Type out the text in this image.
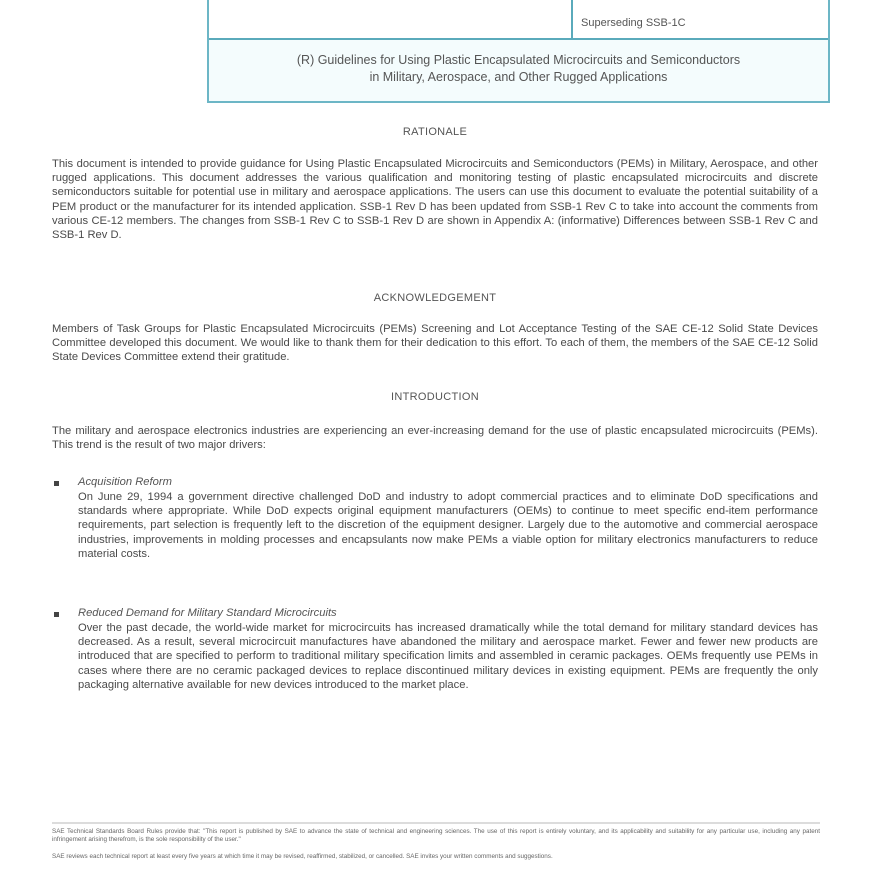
Superseding SSB-1C
(R) Guidelines for Using Plastic Encapsulated Microcircuits and Semiconductors
in Military, Aerospace, and Other Rugged Applications
RATIONALE
This document is intended to provide guidance for Using Plastic Encapsulated Microcircuits and Semiconductors (PEMs) in Military, Aerospace, and other rugged applications. This document addresses the various qualification and monitoring testing of plastic encapsulated microcircuits and discrete semiconductors suitable for potential use in military and aerospace applications. The users can use this document to evaluate the potential suitability of a PEM product or the manufacturer for its intended application. SSB-1 Rev D has been updated from SSB-1 Rev C to take into account the comments from various CE-12 members. The changes from SSB-1 Rev C to SSB-1 Rev D are shown in Appendix A: (informative) Differences between SSB-1 Rev C and SSB-1 Rev D.
ACKNOWLEDGEMENT
Members of Task Groups for Plastic Encapsulated Microcircuits (PEMs) Screening and Lot Acceptance Testing of the SAE CE-12 Solid State Devices Committee developed this document. We would like to thank them for their dedication to this effort. To each of them, the members of the SAE CE-12 Solid State Devices Committee extend their gratitude.
INTRODUCTION
The military and aerospace electronics industries are experiencing an ever-increasing demand for the use of plastic encapsulated microcircuits (PEMs). This trend is the result of two major drivers:
Acquisition Reform
On June 29, 1994 a government directive challenged DoD and industry to adopt commercial practices and to eliminate DoD specifications and standards where appropriate. While DoD expects original equipment manufacturers (OEMs) to continue to meet specific end-item performance requirements, part selection is frequently left to the discretion of the equipment designer. Largely due to the automotive and commercial aerospace industries, improvements in molding processes and encapsulants now make PEMs a viable option for military electronics manufacturers to reduce material costs.
Reduced Demand for Military Standard Microcircuits
Over the past decade, the world-wide market for microcircuits has increased dramatically while the total demand for military standard devices has decreased. As a result, several microcircuit manufactures have abandoned the military and aerospace market. Fewer and fewer new products are introduced that are specified to perform to traditional military specification limits and assembled in ceramic packages. OEMs frequently use PEMs in cases where there are no ceramic packaged devices to replace discontinued military devices in existing equipment. PEMs are frequently the only packaging alternative available for new devices introduced to the market place.
SAE Technical Standards Board Rules provide that: "This report is published by SAE to advance the state of technical and engineering sciences. The use of this report is entirely voluntary, and its applicability and suitability for any particular use, including any patent infringement arising therefrom, is the sole responsibility of the user."
SAE reviews each technical report at least every five years at which time it may be revised, reaffirmed, stabilized, or cancelled. SAE invites your written comments and suggestions.
